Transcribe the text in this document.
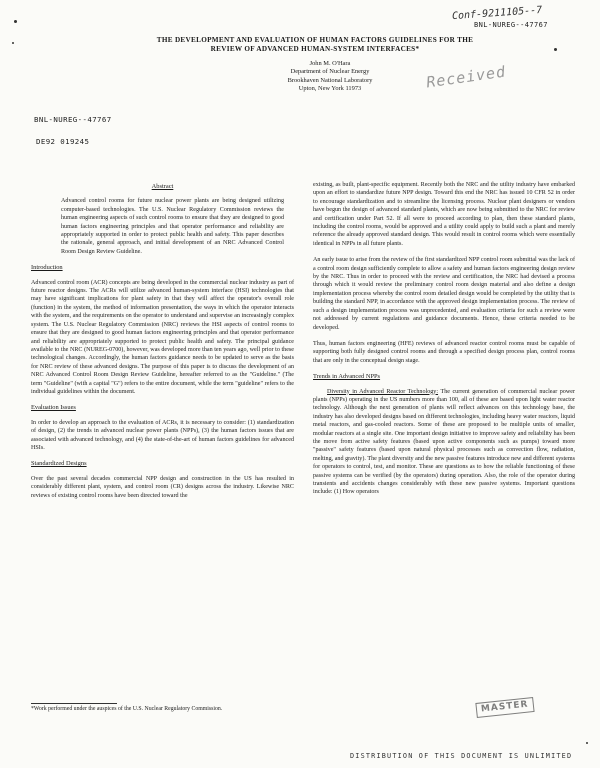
Conf-9211105--7
BNL-NUREG--47767
THE DEVELOPMENT AND EVALUATION OF HUMAN FACTORS GUIDELINES FOR THE
REVIEW OF ADVANCED HUMAN-SYSTEM INTERFACES*
Received
John M. O'Hara
Department of Nuclear Energy
Brookhaven National Laboratory
Upton, New York 11973
BNL-NUREG--47767
DE92 019245
Abstract

Advanced control rooms for future nuclear power plants are being designed utilizing computer-based technologies. The U.S. Nuclear Regulatory Commission reviews the human engineering aspects of such control rooms to ensure that they are designed to good human factors engineering principles and that operator performance and reliability are appropriately supported in order to protect public health and safety. This paper describes the rationale, general approach, and initial development of an NRC Advanced Control Room Design Review Guideline.

Introduction

Advanced control room (ACR) concepts are being developed in the commercial nuclear industry as part of future reactor designs. The ACRs will utilize advanced human-system interface (HSI) technologies that may have significant implications for plant safety in that they will affect the operator's overall role (function) in the system, the method of information presentation, the ways in which the operator interacts with the system, and the requirements on the operator to understand and supervise an increasingly complex system. The U.S. Nuclear Regulatory Commission (NRC) reviews the HSI aspects of control rooms to ensure that they are designed to good human factors engineering principles and that operator performance and reliability are appropriately supported to protect public health and safety. The principal guidance available to the NRC (NUREG-0700), however, was developed more than ten years ago, well prior to these technological changes. Accordingly, the human factors guidance needs to be updated to serve as the basis for NRC review of these advanced designs. The purpose of this paper is to discuss the development of an NRC Advanced Control Room Design Review Guideline, hereafter referred to as the "Guideline." (The term "Guideline" (with a capital "G") refers to the entire document, while the term "guideline" refers to the individual guidelines within the document.

Evaluation Issues

In order to develop an approach to the evaluation of ACRs, it is necessary to consider: (1) standardization of design, (2) the trends in advanced nuclear power plants (NPPs), (3) the human factors issues that are associated with advanced technology, and (4) the state-of-the-art of human factors guidelines for advanced HSIs.

Standardized Designs

Over the past several decades commercial NPP design and construction in the US has resulted in considerably different plant, system, and control room (CR) designs across the industry. Likewise NRC reviews of existing control rooms have been directed toward the

*Work performed under the auspices of the U.S. Nuclear Regulatory Commission.

existing, as built, plant-specific equipment. Recently both the NRC and the utility industry have embarked upon an effort to standardize future NPP design. Toward this end the NRC has issued 10 CFR 52 in order to encourage standardization and to streamline the licensing process. Nuclear plant designers or vendors have begun the design of advanced standard plants, which are now being submitted to the NRC for review and certification under Part 52. If all were to proceed according to plan, then these standard plants, including the control rooms, would be approved and a utility could apply to build such a plant and merely reference the already approved standard design. This would result in control rooms which were essentially identical in NPPs in all future plants.

An early issue to arise from the review of the first standardized NPP control room submittal was the lack of a control room design sufficiently complete to allow a safety and human factors engineering design review by the NRC. Thus in order to proceed with the review and certification, the NRC had devised a process through which it would review the preliminary control room design material and also define a design implementation process whereby the control room detailed design would be completed by the utility that is building the standard NPP, in accordance with the approved design implementation process. The review of such a design implementation process was unprecedented, and evaluation criteria for such a review were not addressed by current regulations and guidance documents. Hence, these criteria needed to be developed.

Thus, human factors engineering (HFE) reviews of advanced reactor control rooms must be capable of supporting both fully designed control rooms and through a specified design process plan, control rooms that are only in the conceptual design stage.

Trends in Advanced NPPs

Diversity in Advanced Reactor Technology: The current generation of commercial nuclear power plants (NPPs) operating in the US numbers more than 100, all of these are based upon light water reactor technology. Although the next generation of plants will reflect advances on this technology base, the industry has also developed designs based on different technologies, including heavy water reactors, liquid metal reactors, and gas-cooled reactors. Some of these are proposed to be multiple units of smaller, modular reactors at a single site. One important design initiative to improve safety and reliability has been the move from active safety features (based upon active components such as pumps) toward more "passive" safety features (based upon natural physical processes such as convection flow, radiation, melting, and gravity). The plant diversity and the new passive features introduce new and different systems for operators to control, test, and monitor. These are questions as to how the reliable functioning of these passive systems can be verified (by the operators) during operation. Also, the role of the operator during transients and accidents changes considerably with these new passive systems. Important questions include: (1) How operators

MASTER
DISTRIBUTION OF THIS DOCUMENT IS UNLIMITED
